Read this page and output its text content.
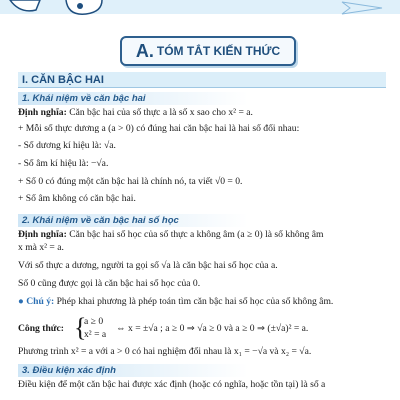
A. TÓM TẮT KIẾN THỨC
I. CĂN BẬC HAI
1. Khái niệm về căn bậc hai
Định nghĩa: Căn bậc hai của số thực a là số x sao cho x² = a.
+ Mỗi số thực dương a (a > 0) có đúng hai căn bậc hai là hai số đối nhau:
- Số dương kí hiệu là: √a.
- Số âm kí hiệu là: −√a.
+ Số 0 có đúng một căn bậc hai là chính nó, ta viết √0 = 0.
+ Số âm không có căn bậc hai.
2. Khái niệm về căn bậc hai số học
Định nghĩa: Căn bậc hai số học của số thực a không âm (a ≥ 0) là số không âm
x mà x² = a.
Với số thực a dương, người ta gọi số √a là căn bậc hai số học của a.
Số 0 cũng được gọi là căn bậc hai số học của 0.
● Chú ý: Phép khai phương là phép toán tìm căn bậc hai số học của số không âm.
Công thức: {
a ≥ 0
x² = a
⇔ x = ±√a ; a ≥ 0 ⇒ √a ≥ 0 và a ≥ 0 ⇒ (±√a)² = a.
Phương trình x² = a với a > 0 có hai nghiệm đối nhau là x₁ = −√a và x₂ = √a.
3. Điều kiện xác định
Điều kiện để một căn bậc hai được xác định (hoặc có nghĩa, hoặc tồn tại) là số a
